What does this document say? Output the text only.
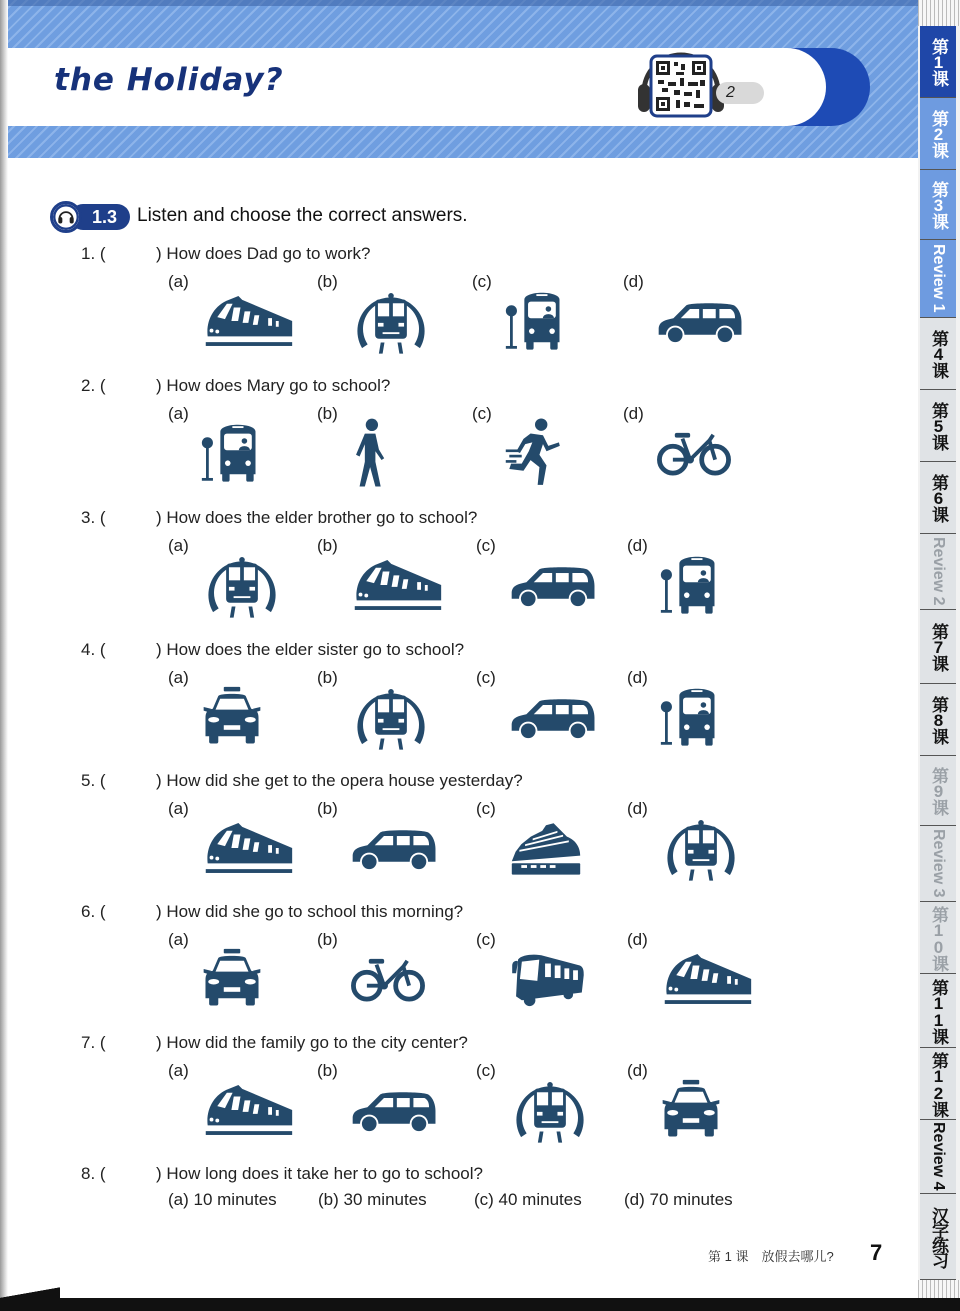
the Holiday?	2
第1课
第2课
第3课
Review 1
第4课
第5课
第6课
Review 2
第7课
第8课
第9课
Review 3
第10课
第11课
第12课
Review 4
汉字练习
1.3	Listen and choose the correct answers.
1. (	) How does Dad go to work?
(a)	(b)	(c)	(d)
2. (	) How does Mary go to school?
(a)	(b)	(c)	(d)
3. (	) How does the elder brother go to school?
(a)	(b)	(c)	(d)
4. (	) How does the elder sister go to school?
(a)	(b)	(c)	(d)
5. (	) How did she get to the opera house yesterday?
(a)	(b)	(c)	(d)
6. (	) How did she go to school this morning?
(a)	(b)	(c)	(d)
7. (	) How did the family go to the city center?
(a)	(b)	(c)	(d)
8. (	) How long does it take her to go to school?
(a) 10 minutes (b) 30 minutes	(c) 40 minutes (d) 70 minutes
第 1 课　放假去哪儿? 7
